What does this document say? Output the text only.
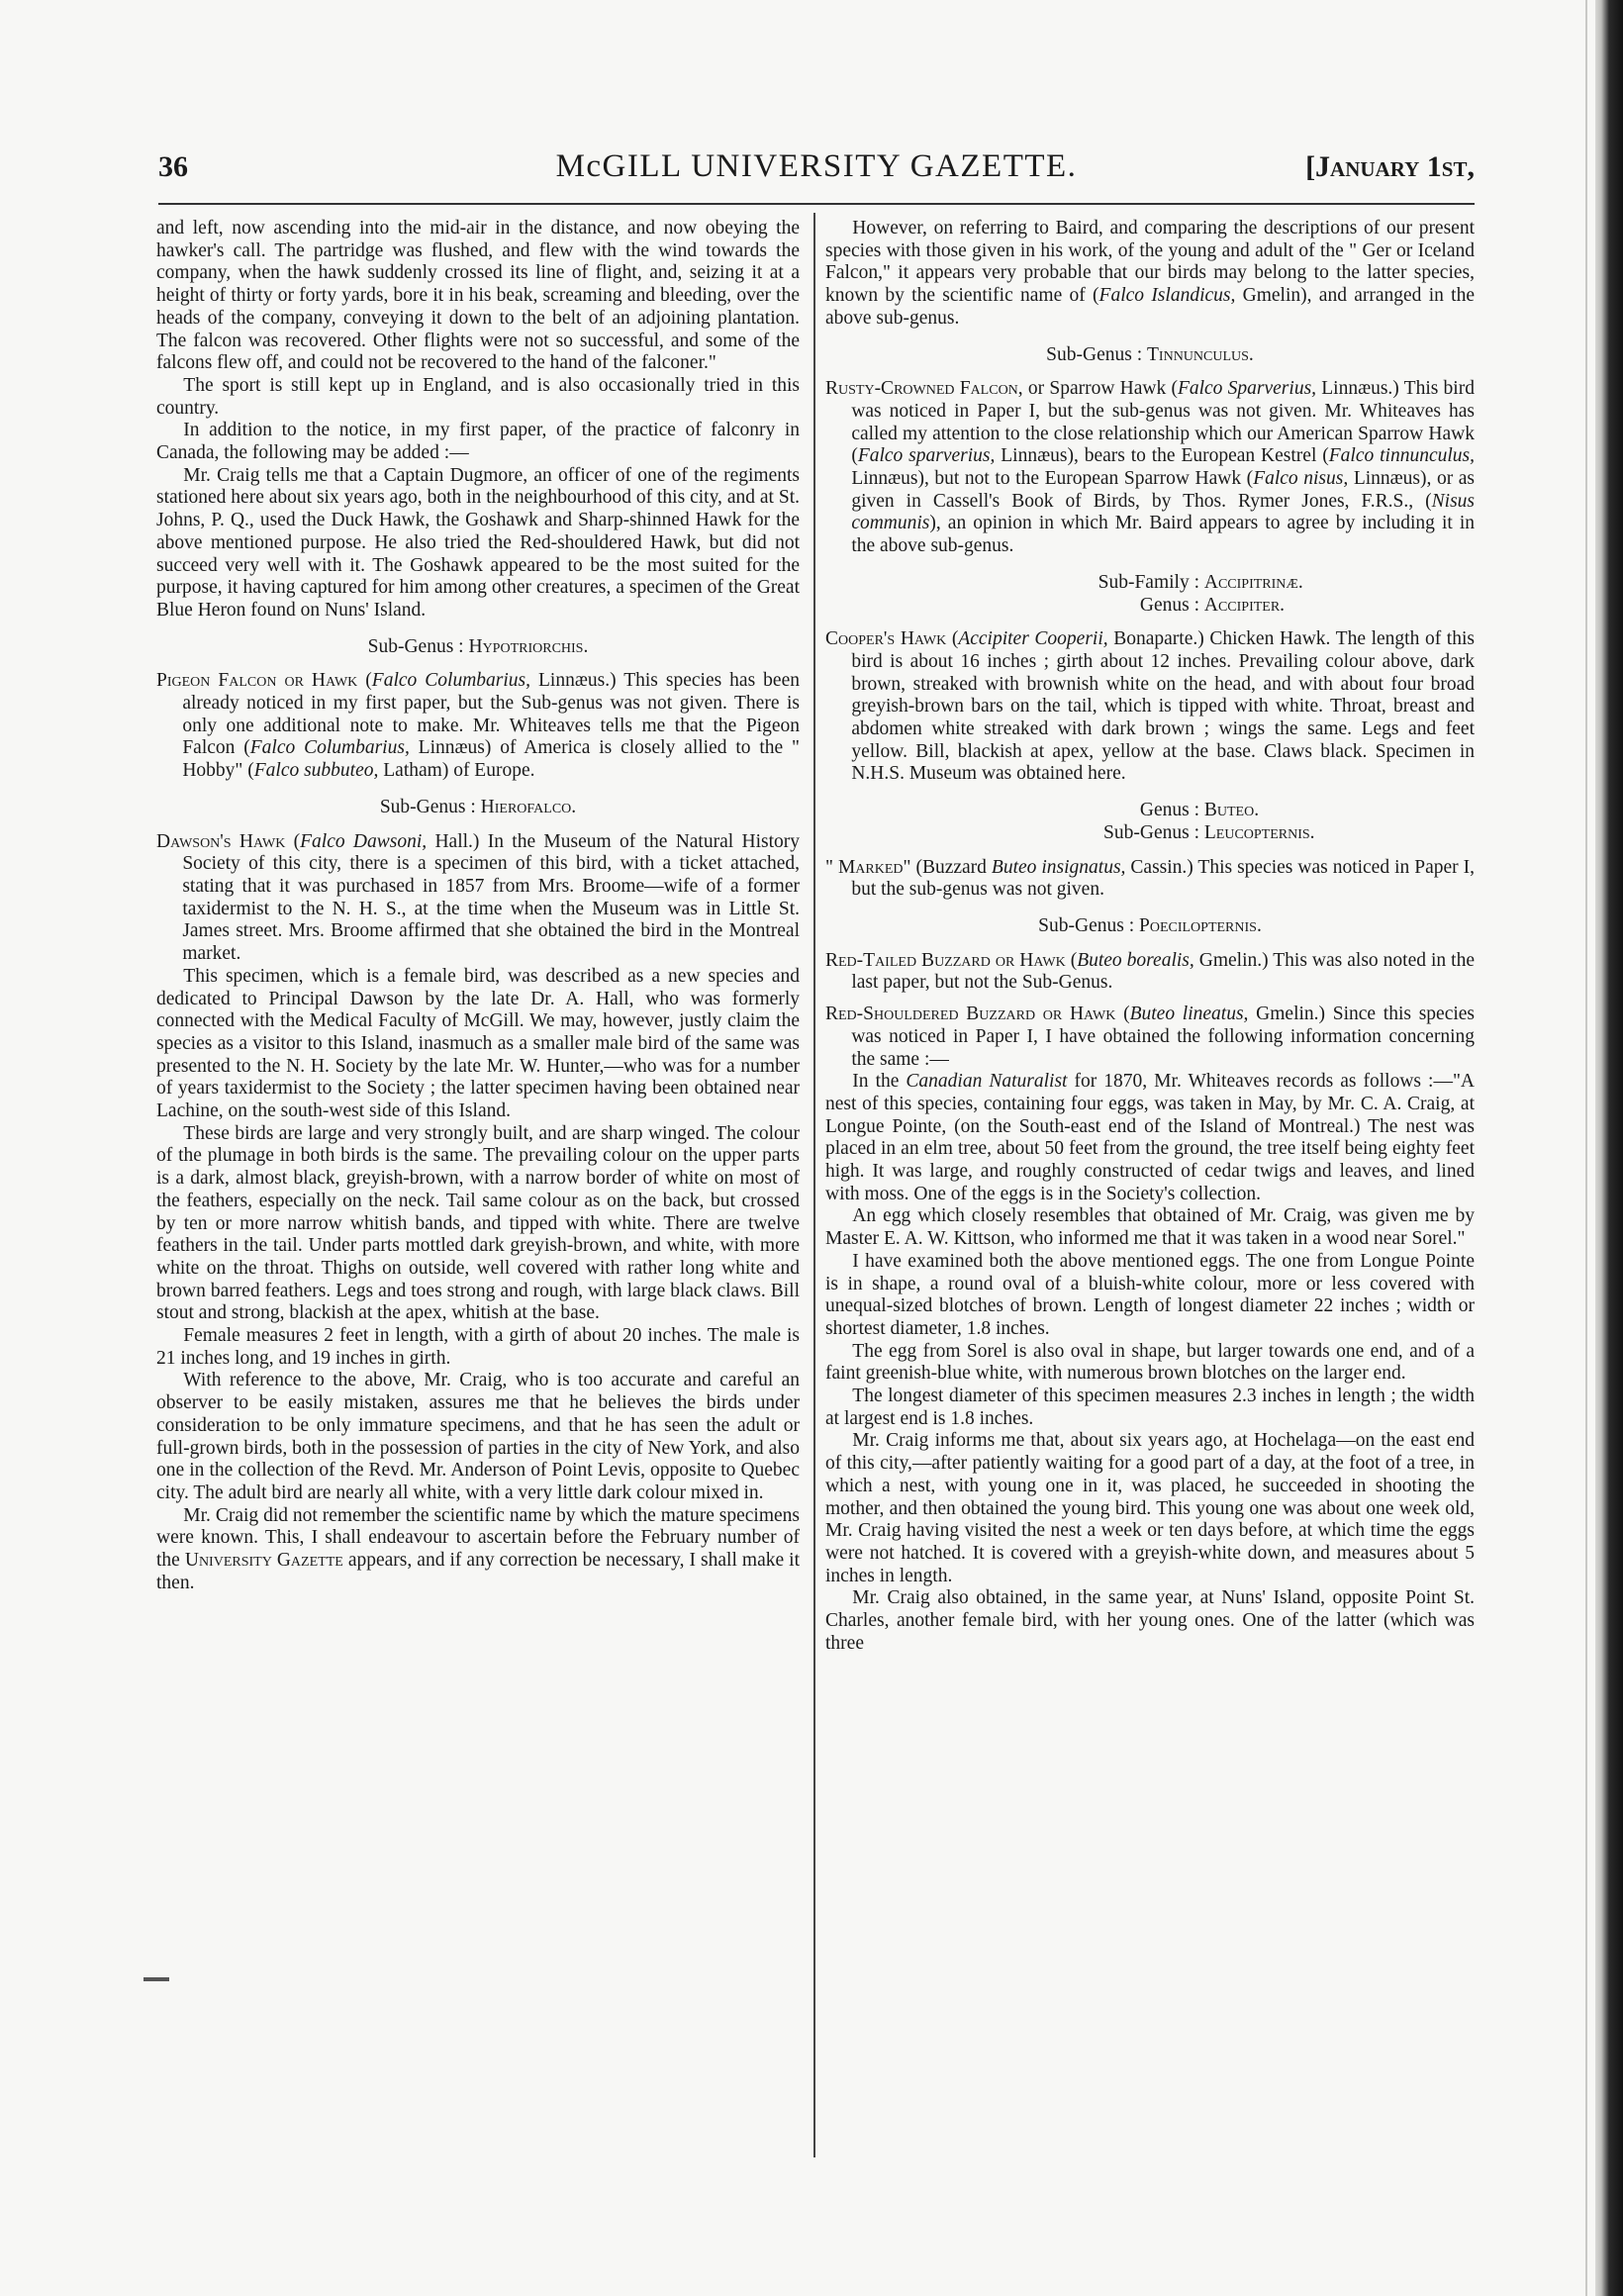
36	McGILL UNIVERSITY GAZETTE.	[January 1st,

and left, now ascending into the mid-air in the distance, and now obeying the hawker's call. The partridge was flushed, and flew with the wind towards the company, when the hawk suddenly crossed its line of flight, and, seizing it at a height of thirty or forty yards, bore it in his beak, screaming and bleeding, over the heads of the company, conveying it down to the belt of an adjoining plantation. The falcon was recovered. Other flights were not so successful, and some of the falcons flew off, and could not be recovered to the hand of the falconer."

The sport is still kept up in England, and is also occasionally tried in this country.

In addition to the notice, in my first paper, of the practice of falconry in Canada, the following may be added :—

Mr. Craig tells me that a Captain Dugmore, an officer of one of the regiments stationed here about six years ago, both in the neighbourhood of this city, and at St. Johns, P. Q., used the Duck Hawk, the Goshawk and Sharp-shinned Hawk for the above mentioned purpose. He also tried the Red-shouldered Hawk, but did not succeed very well with it. The Goshawk appeared to be the most suited for the purpose, it having captured for him among other creatures, a specimen of the Great Blue Heron found on Nuns' Island.

Sub-Genus : Hypotriorchis.

Pigeon Falcon or Hawk (Falco Columbarius, Linnæus.) This species has been already noticed in my first paper, but the Sub-genus was not given. There is only one additional note to make. Mr. Whiteaves tells me that the Pigeon Falcon (Falco Columbarius, Linnæus) of America is closely allied to the " Hobby" (Falco subbuteo, Latham) of Europe.

Sub-Genus : Hierofalco.

Dawson's Hawk (Falco Dawsoni, Hall.) In the Museum of the Natural History Society of this city, there is a specimen of this bird, with a ticket attached, stating that it was purchased in 1857 from Mrs. Broome—wife of a former taxidermist to the N. H. S., at the time when the Museum was in Little St. James street. Mrs. Broome affirmed that she obtained the bird in the Montreal market.

This specimen, which is a female bird, was described as a new species and dedicated to Principal Dawson by the late Dr. A. Hall, who was formerly connected with the Medical Faculty of McGill. We may, however, justly claim the species as a visitor to this Island, inasmuch as a smaller male bird of the same was presented to the N. H. Society by the late Mr. W. Hunter,—who was for a number of years taxidermist to the Society ; the latter specimen having been obtained near Lachine, on the south-west side of this Island.

These birds are large and very strongly built, and are sharp winged. The colour of the plumage in both birds is the same. The prevailing colour on the upper parts is a dark, almost black, greyish-brown, with a narrow border of white on most of the feathers, especially on the neck. Tail same colour as on the back, but crossed by ten or more narrow whitish bands, and tipped with white. There are twelve feathers in the tail. Under parts mottled dark greyish-brown, and white, with more white on the throat. Thighs on outside, well covered with rather long white and brown barred feathers. Legs and toes strong and rough, with large black claws. Bill stout and strong, blackish at the apex, whitish at the base.

Female measures 2 feet in length, with a girth of about 20 inches. The male is 21 inches long, and 19 inches in girth.

With reference to the above, Mr. Craig, who is too accurate and careful an observer to be easily mistaken, assures me that he believes the birds under consideration to be only immature specimens, and that he has seen the adult or full-grown birds, both in the possession of parties in the city of New York, and also one in the collection of the Revd. Mr. Anderson of Point Levis, opposite to Quebec city. The adult bird are nearly all white, with a very little dark colour mixed in.

Mr. Craig did not remember the scientific name by which the mature specimens were known. This, I shall endeavour to ascertain before the February number of the University Gazette appears, and if any correction be necessary, I shall make it then.

However, on referring to Baird, and comparing the descriptions of our present species with those given in his work, of the young and adult of the " Ger or Iceland Falcon," it appears very probable that our birds may belong to the latter species, known by the scientific name of (Falco Islandicus, Gmelin), and arranged in the above sub-genus.

Sub-Genus : Tinnunculus.

Rusty-Crowned Falcon, or Sparrow Hawk (Falco Sparverius, Linnæus.) This bird was noticed in Paper I, but the sub-genus was not given. Mr. Whiteaves has called my attention to the close relationship which our American Sparrow Hawk (Falco sparverius, Linnæus), bears to the European Kestrel (Falco tinnunculus, Linnæus), but not to the European Sparrow Hawk (Falco nisus, Linnæus), or as given in Cassell's Book of Birds, by Thos. Rymer Jones, F.R.S., (Nisus communis), an opinion in which Mr. Baird appears to agree by including it in the above sub-genus.

Sub-Family : Accipitrinæ.
Genus : Accipiter.

Cooper's Hawk (Accipiter Cooperii, Bonaparte.) Chicken Hawk. The length of this bird is about 16 inches ; girth about 12 inches. Prevailing colour above, dark brown, streaked with brownish white on the head, and with about four broad greyish-brown bars on the tail, which is tipped with white. Throat, breast and abdomen white streaked with dark brown ; wings the same. Legs and feet yellow. Bill, blackish at apex, yellow at the base. Claws black. Specimen in N.H.S. Museum was obtained here.

Genus : Buteo.
Sub-Genus : Leucopternis.

" Marked" (Buzzard Buteo insignatus, Cassin.) This species was noticed in Paper I, but the sub-genus was not given.

Sub-Genus : Poecilopternis.

Red-Tailed Buzzard or Hawk (Buteo borealis, Gmelin.) This was also noted in the last paper, but not the Sub-Genus.

Red-Shouldered Buzzard or Hawk (Buteo lineatus, Gmelin.) Since this species was noticed in Paper I, I have obtained the following information concerning the same :—

In the Canadian Naturalist for 1870, Mr. Whiteaves records as follows :—"A nest of this species, containing four eggs, was taken in May, by Mr. C. A. Craig, at Longue Pointe, (on the South-east end of the Island of Montreal.) The nest was placed in an elm tree, about 50 feet from the ground, the tree itself being eighty feet high. It was large, and roughly constructed of cedar twigs and leaves, and lined with moss. One of the eggs is in the Society's collection.

An egg which closely resembles that obtained of Mr. Craig, was given me by Master E. A. W. Kittson, who informed me that it was taken in a wood near Sorel."

I have examined both the above mentioned eggs. The one from Longue Pointe is in shape, a round oval of a bluish-white colour, more or less covered with unequal-sized blotches of brown. Length of longest diameter 22 inches ; width or shortest diameter, 1.8 inches.

The egg from Sorel is also oval in shape, but larger towards one end, and of a faint greenish-blue white, with numerous brown blotches on the larger end.

The longest diameter of this specimen measures 2.3 inches in length ; the width at largest end is 1.8 inches.

Mr. Craig informs me that, about six years ago, at Hochelaga—on the east end of this city,—after patiently waiting for a good part of a day, at the foot of a tree, in which a nest, with young one in it, was placed, he succeeded in shooting the mother, and then obtained the young bird. This young one was about one week old, Mr. Craig having visited the nest a week or ten days before, at which time the eggs were not hatched. It is covered with a greyish-white down, and measures about 5 inches in length.

Mr. Craig also obtained, in the same year, at Nuns' Island, opposite Point St. Charles, another female bird, with her young ones. One of the latter (which was three
